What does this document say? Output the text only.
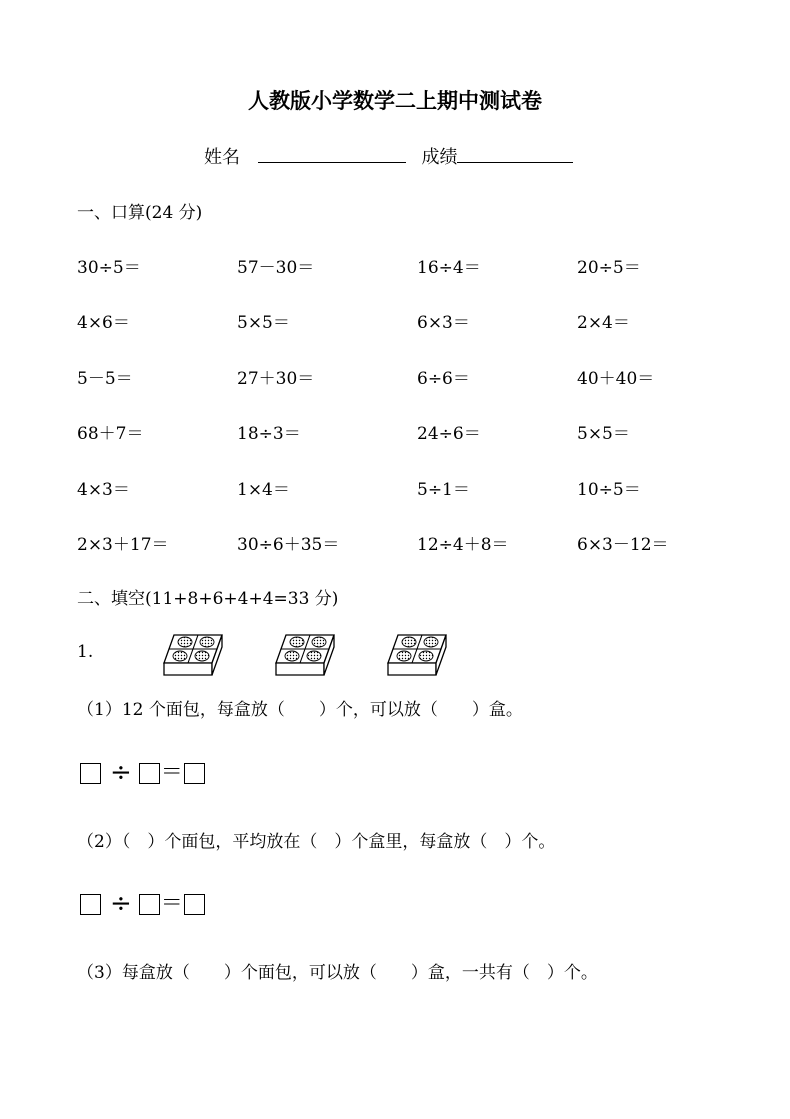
人教版小学数学二上期中测试卷
姓名	成绩
一、口算(24 分)
30÷5＝	57－30＝	16÷4＝	20÷5＝
4×6＝	5×5＝	6×3＝	2×4＝
5－5＝	27＋30＝	6÷6＝	40＋40＝
68＋7＝	18÷3＝	24÷6＝	5×5＝
4×3＝	1×4＝	5÷1＝	10÷5＝
2×3＋17＝	30÷6＋35＝	12÷4＋8＝	6×3－12＝
二、填空(11+8+6+4+4=33 分)
1.
（1）12 个面包，每盒放（　　）个，可以放（　　）盒。
÷ ＝
（2）（　）个面包，平均放在（　）个盒里，每盒放（　）个。
÷ ＝
（3）每盒放（　　）个面包，可以放（　　）盒，一共有（　）个。
